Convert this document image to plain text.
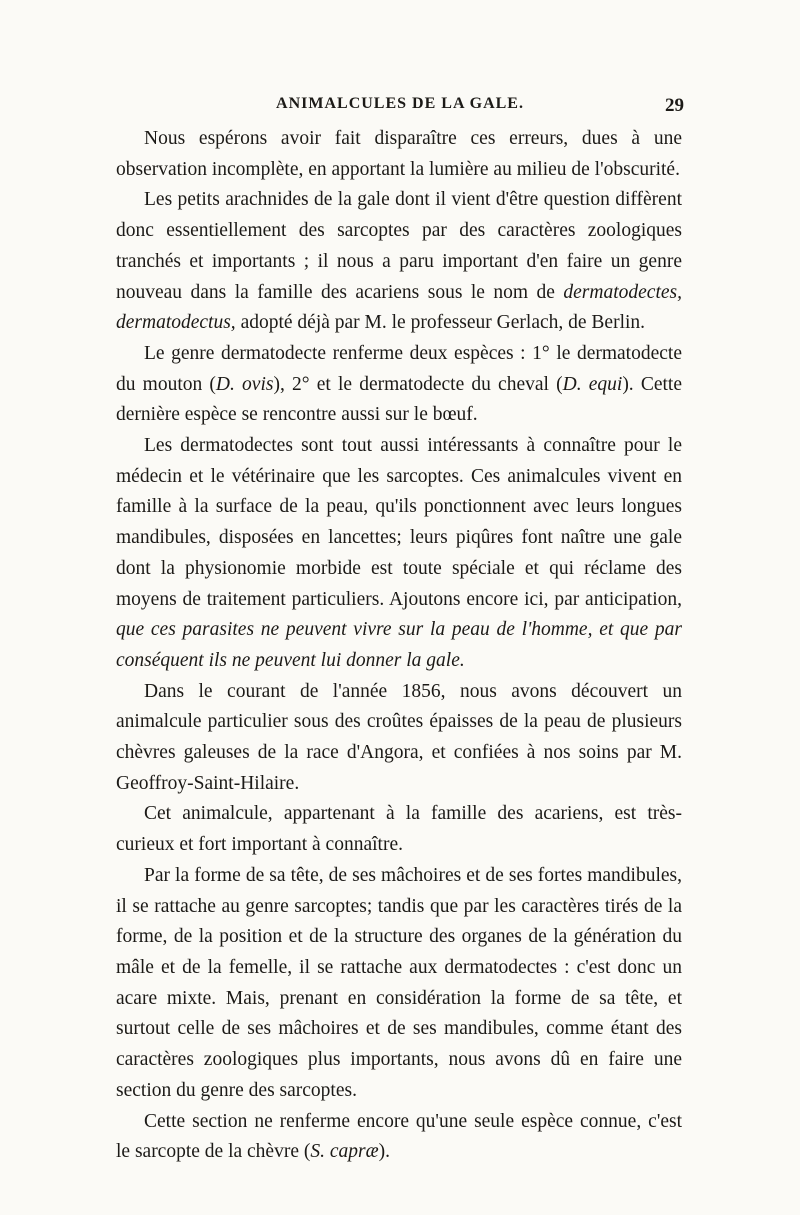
ANIMALCULES DE LA GALE.	29

Nous espérons avoir fait disparaître ces erreurs, dues à une observation incomplète, en apportant la lumière au milieu de l'obscurité.

Les petits arachnides de la gale dont il vient d'être question diffèrent donc essentiellement des sarcoptes par des caractères zoologiques tranchés et importants ; il nous a paru important d'en faire un genre nouveau dans la famille des acariens sous le nom de dermatodectes, dermatodectus, adopté déjà par M. le professeur Gerlach, de Berlin.

Le genre dermatodecte renferme deux espèces : 1° le dermatodecte du mouton (D. ovis), 2° et le dermatodecte du cheval (D. equi). Cette dernière espèce se rencontre aussi sur le bœuf.

Les dermatodectes sont tout aussi intéressants à connaître pour le médecin et le vétérinaire que les sarcoptes. Ces animalcules vivent en famille à la surface de la peau, qu'ils ponctionnent avec leurs longues mandibules, disposées en lancettes; leurs piqûres font naître une gale dont la physionomie morbide est toute spéciale et qui réclame des moyens de traitement particuliers. Ajoutons encore ici, par anticipation, que ces parasites ne peuvent vivre sur la peau de l'homme, et que par conséquent ils ne peuvent lui donner la gale.

Dans le courant de l'année 1856, nous avons découvert un animalcule particulier sous des croûtes épaisses de la peau de plusieurs chèvres galeuses de la race d'Angora, et confiées à nos soins par M. Geoffroy-Saint-Hilaire.

Cet animalcule, appartenant à la famille des acariens, est très-curieux et fort important à connaître.

Par la forme de sa tête, de ses mâchoires et de ses fortes mandibules, il se rattache au genre sarcoptes; tandis que par les caractères tirés de la forme, de la position et de la structure des organes de la génération du mâle et de la femelle, il se rattache aux dermatodectes : c'est donc un acare mixte. Mais, prenant en considération la forme de sa tête, et surtout celle de ses mâchoires et de ses mandibules, comme étant des caractères zoologiques plus importants, nous avons dû en faire une section du genre des sarcoptes.

Cette section ne renferme encore qu'une seule espèce connue, c'est le sarcopte de la chèvre (S. capræ).
